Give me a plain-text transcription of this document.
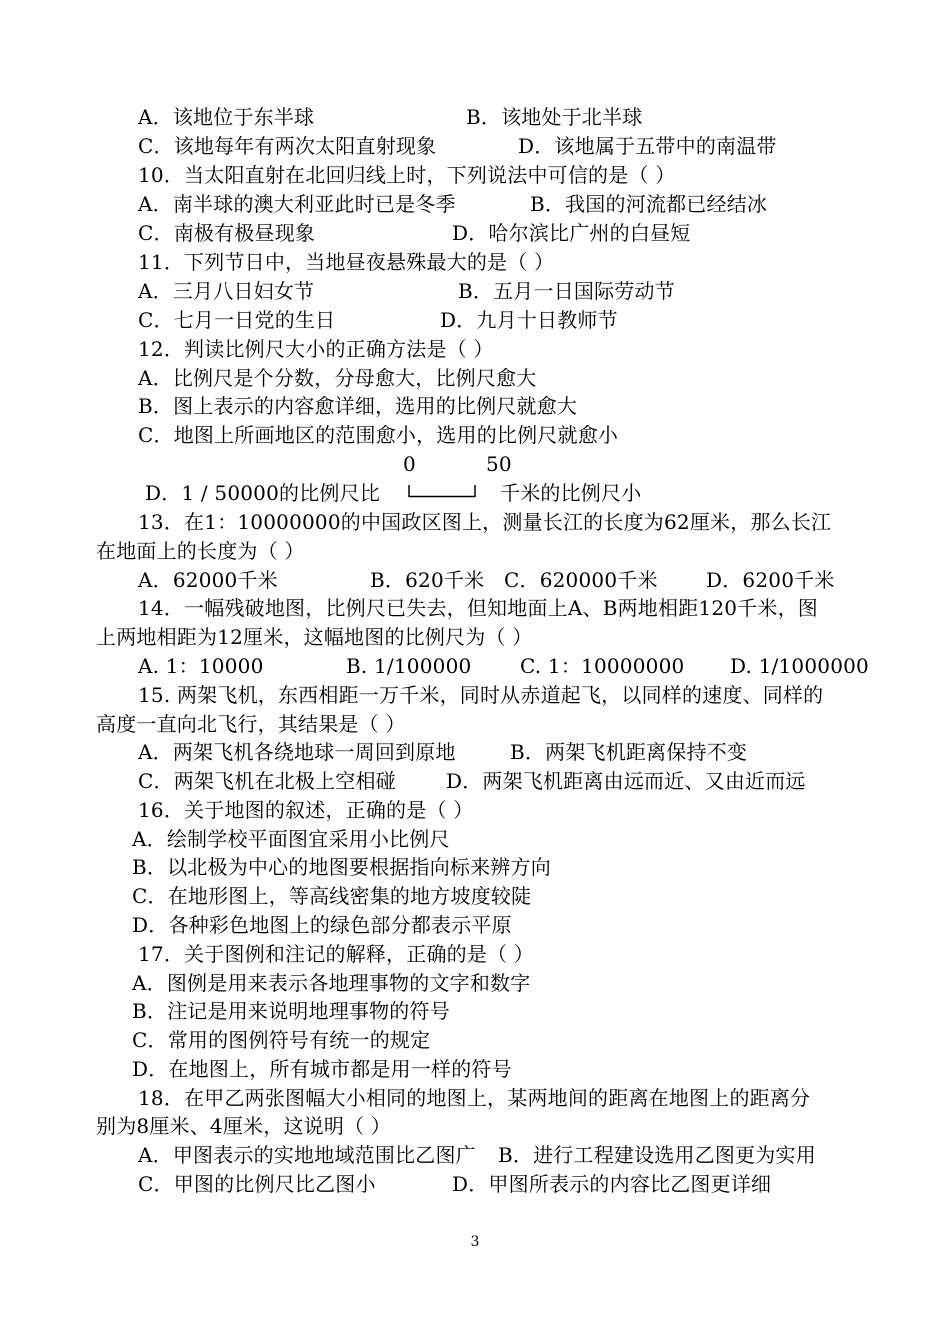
A．该地位于东半球	B．该地处于北半球
C．该地每年有两次太阳直射现象	D．该地属于五带中的南温带
10．当太阳直射在北回归线上时，下列说法中可信的是（ ）
A．南半球的澳大利亚此时已是冬季	B．我国的河流都已经结冰
C．南极有极昼现象	D．哈尔滨比广州的白昼短
11．下列节日中，当地昼夜悬殊最大的是（ ）
A．三月八日妇女节	B．五月一日国际劳动节
C．七月一日党的生日	D．九月十日教师节
12．判读比例尺大小的正确方法是（ ）
A．比例尺是个分数，分母愈大，比例尺愈大
B．图上表示的内容愈详细，选用的比例尺就愈大
C．地图上所画地区的范围愈小，选用的比例尺就愈小
0	50
D．1 / 50000的比例尺比	千米的比例尺小
13．在1：10000000的中国政区图上，测量长江的长度为62厘米，那么长江
在地面上的长度为（ ）
A．62000千米	B．620千米 C．620000千米 D．6200千米
14．一幅残破地图，比例尺已失去，但知地面上A、B两地相距120千米，图
上两地相距为12厘米，这幅地图的比例尺为（ ）
A. 1：10000	B. 1/100000 C. 1：10000000 D. 1/1000000
15. 两架飞机，东西相距一万千米，同时从赤道起飞，以同样的速度、同样的
高度一直向北飞行，其结果是（ ）
A．两架飞机各绕地球一周回到原地	B．两架飞机距离保持不变
C．两架飞机在北极上空相碰	D．两架飞机距离由远而近、又由近而远
16．关于地图的叙述，正确的是（ ）
A．绘制学校平面图宜采用小比例尺
B．以北极为中心的地图要根据指向标来辨方向
C．在地形图上，等高线密集的地方坡度较陡
D．各种彩色地图上的绿色部分都表示平原
17．关于图例和注记的解释，正确的是（ ）
A．图例是用来表示各地理事物的文字和数字
B．注记是用来说明地理事物的符号
C．常用的图例符号有统一的规定
D．在地图上，所有城市都是用一样的符号
18．在甲乙两张图幅大小相同的地图上，某两地间的距离在地图上的距离分
别为8厘米、4厘米，这说明（ ）
A．甲图表示的实地地域范围比乙图广 B．进行工程建设选用乙图更为实用
C．甲图的比例尺比乙图小	D．甲图所表示的内容比乙图更详细
3
